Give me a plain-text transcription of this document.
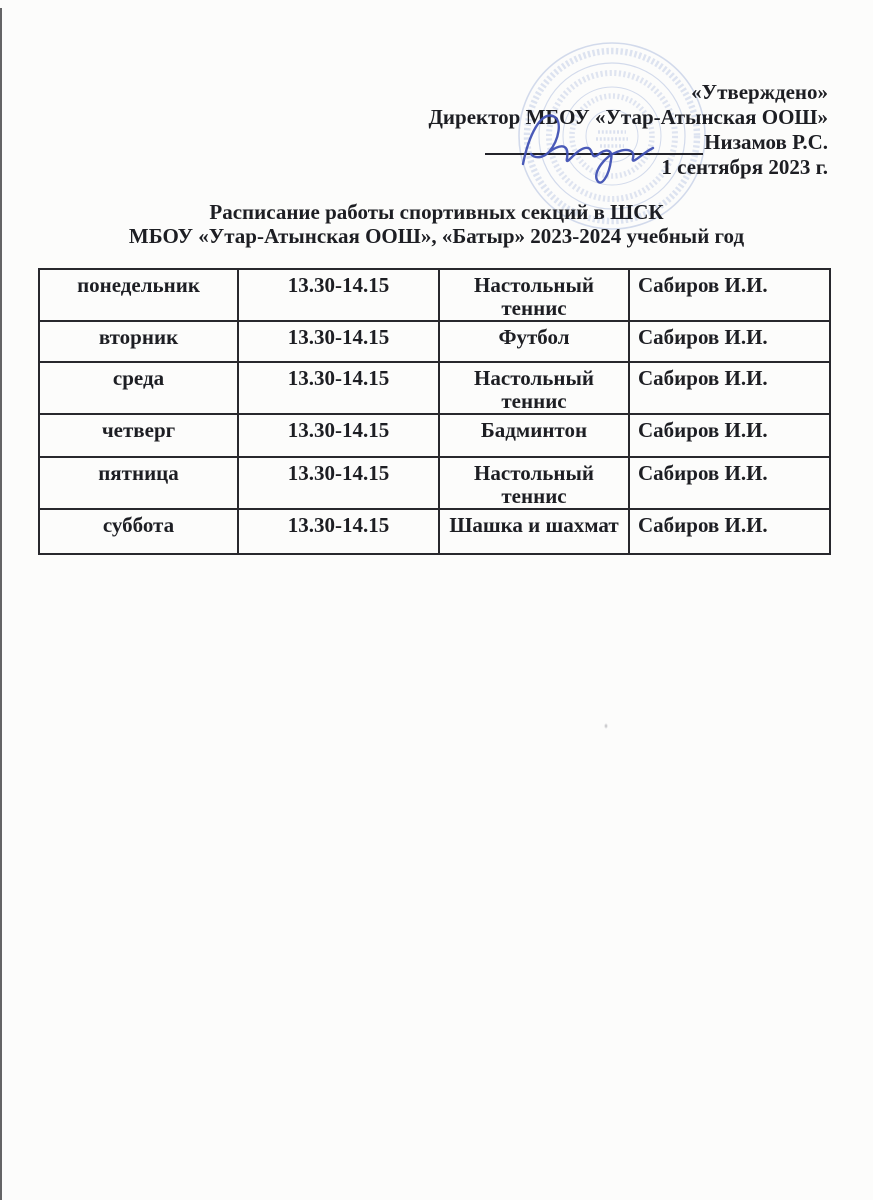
«Утверждено»
Директор МБОУ «Утар-Атынская ООШ»
Низамов Р.С.
1 сентября 2023 г.
Расписание работы спортивных секций в ШСК
МБОУ «Утар-Атынская ООШ», «Батыр» 2023-2024 учебный год
понедельник	13.30-14.15	Настольный теннис	Сабиров И.И.
вторник	13.30-14.15	Футбол	Сабиров И.И.
среда	13.30-14.15	Настольный теннис	Сабиров И.И.
четверг	13.30-14.15	Бадминтон	Сабиров И.И.
пятница	13.30-14.15	Настольный теннис	Сабиров И.И.
суббота	13.30-14.15	Шашка и шахмат	Сабиров И.И.
